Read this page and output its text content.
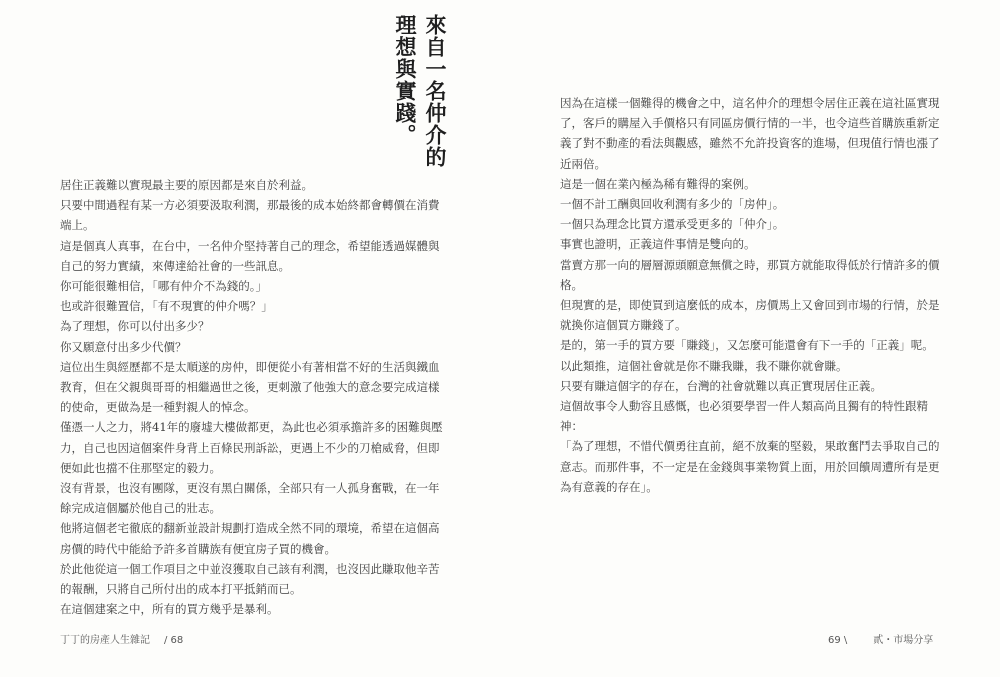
來自一名仲介的
理想與實踐。

居住正義難以實現最主要的原因都是來自於利益。

只要中間過程有某一方必須要汲取利潤，那最後的成本始終都會轉價在消費端上。

這是個真人真事，在台中，一名仲介堅持著自己的理念，希望能透過媒體與自己的努力實績，來傳達給社會的一些訊息。

你可能很難相信，「哪有仲介不為錢的。」

也或許很難置信，「有不現實的仲介嗎？」

為了理想，你可以付出多少？

你又願意付出多少代價？

這位出生與經歷都不是太順遂的房仲，即便從小有著相當不好的生活與鐵血教育，但在父親與哥哥的相繼過世之後，更刺激了他強大的意念要完成這樣的使命，更做為是一種對親人的悼念。

僅憑一人之力，將41年的廢墟大樓做都更，為此也必須承擔許多的困難與壓力，自己也因這個案件身背上百條民刑訴訟，更遇上不少的刀槍威脅，但即便如此也擋不住那堅定的毅力。

沒有背景，也沒有團隊，更沒有黑白關係，全部只有一人孤身奮戰，在一年餘完成這個屬於他自己的壯志。

他將這個老宅徹底的翻新並設計規劃打造成全然不同的環境，希望在這個高房價的時代中能給予許多首購族有便宜房子買的機會。

於此他從這一個工作項目之中並沒獲取自己該有利潤，也沒因此賺取他辛苦的報酬，只將自己所付出的成本打平抵銷而已。

在這個建案之中，所有的買方幾乎是暴利。

因為在這樣一個難得的機會之中，這名仲介的理想令居住正義在這社區實現了，客戶的購屋入手價格只有同區房價行情的一半，也令這些首購族重新定義了對不動產的看法與觀感，雖然不允許投資客的進場，但現值行情也漲了近兩倍。

這是一個在業內極為稀有難得的案例。

一個不計工酬與回收利潤有多少的「房仲」。

一個只為理念比買方還承受更多的「仲介」。

事實也證明，正義這件事情是雙向的。

當賣方那一向的層層源頭願意無償之時，那買方就能取得低於行情許多的價格。

但現實的是，即使買到這麼低的成本，房價馬上又會回到市場的行情，於是就換你這個買方賺錢了。

是的，第一手的買方要「賺錢」，又怎麼可能還會有下一手的「正義」呢。

以此類推，這個社會就是你不賺我賺，我不賺你就會賺。

只要有賺這個字的存在，台灣的社會就難以真正實現居住正義。

這個故事令人動容且感慨，也必須要學習一件人類高尚且獨有的特性跟精神：

「為了理想，不惜代價勇往直前，絕不放棄的堅毅，果敢奮鬥去爭取自己的意志。而那件事，不一定是在金錢與事業物質上面，用於回饋周遭所有是更為有意義的存在」。

丁丁的房產人生雜記 / 68	69 \	貳・市場分享
